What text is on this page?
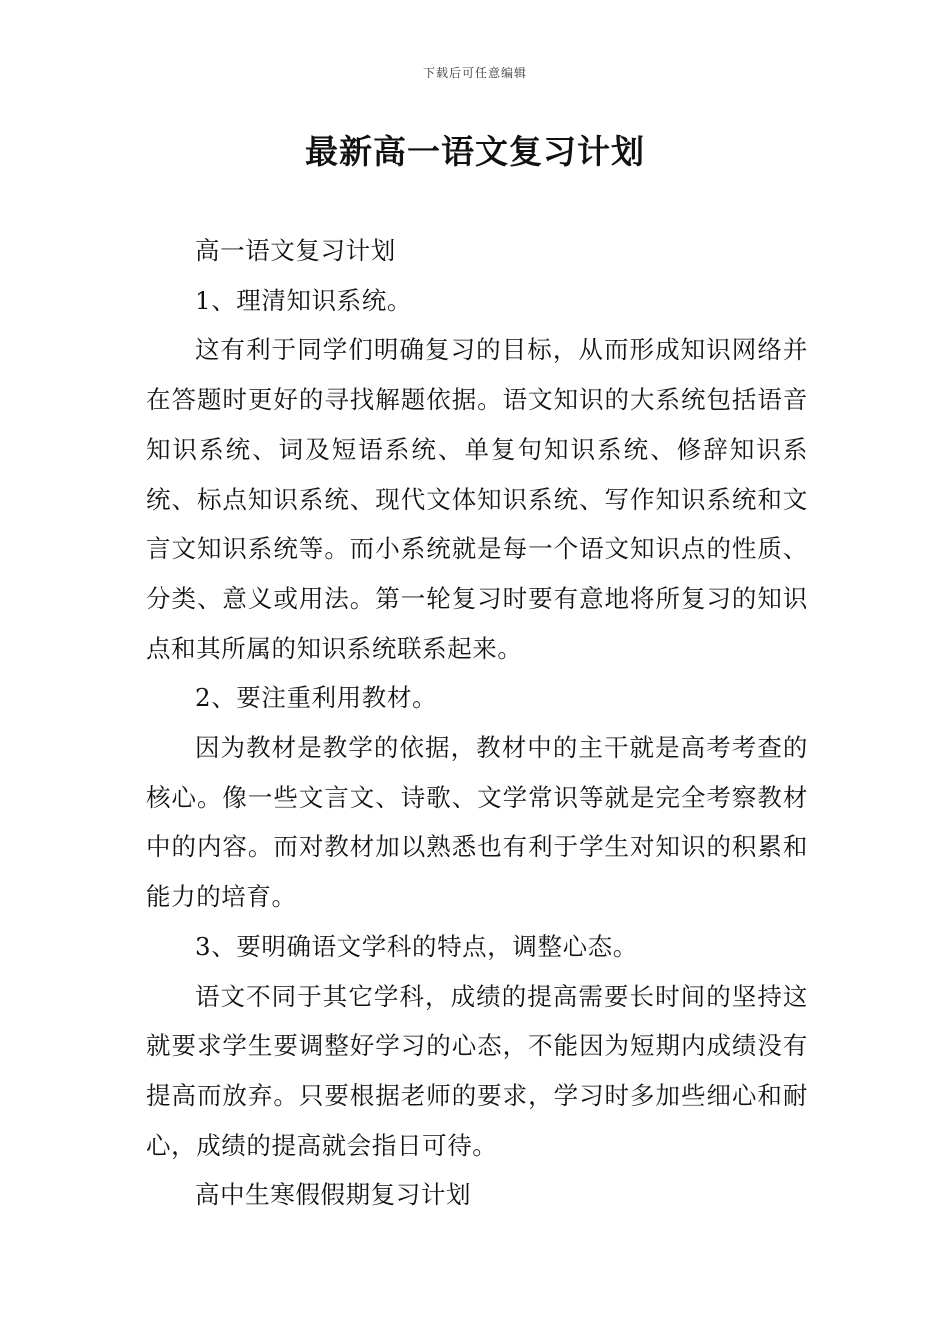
下载后可任意编辑
最新高一语文复习计划

高一语文复习计划

1、理清知识系统。

这有利于同学们明确复习的目标，从而形成知识网络并在答题时更好的寻找解题依据。语文知识的大系统包括语音知识系统、词及短语系统、单复句知识系统、修辞知识系统、标点知识系统、现代文体知识系统、写作知识系统和文言文知识系统等。而小系统就是每一个语文知识点的性质、分类、意义或用法。第一轮复习时要有意地将所复习的知识点和其所属的知识系统联系起来。

2、要注重利用教材。

因为教材是教学的依据，教材中的主干就是高考考查的核心。像一些文言文、诗歌、文学常识等就是完全考察教材中的内容。而对教材加以熟悉也有利于学生对知识的积累和能力的培育。

3、要明确语文学科的特点，调整心态。

语文不同于其它学科，成绩的提高需要长时间的坚持这就要求学生要调整好学习的心态，不能因为短期内成绩没有提高而放弃。只要根据老师的要求，学习时多加些细心和耐心，成绩的提高就会指日可待。

高中生寒假假期复习计划
